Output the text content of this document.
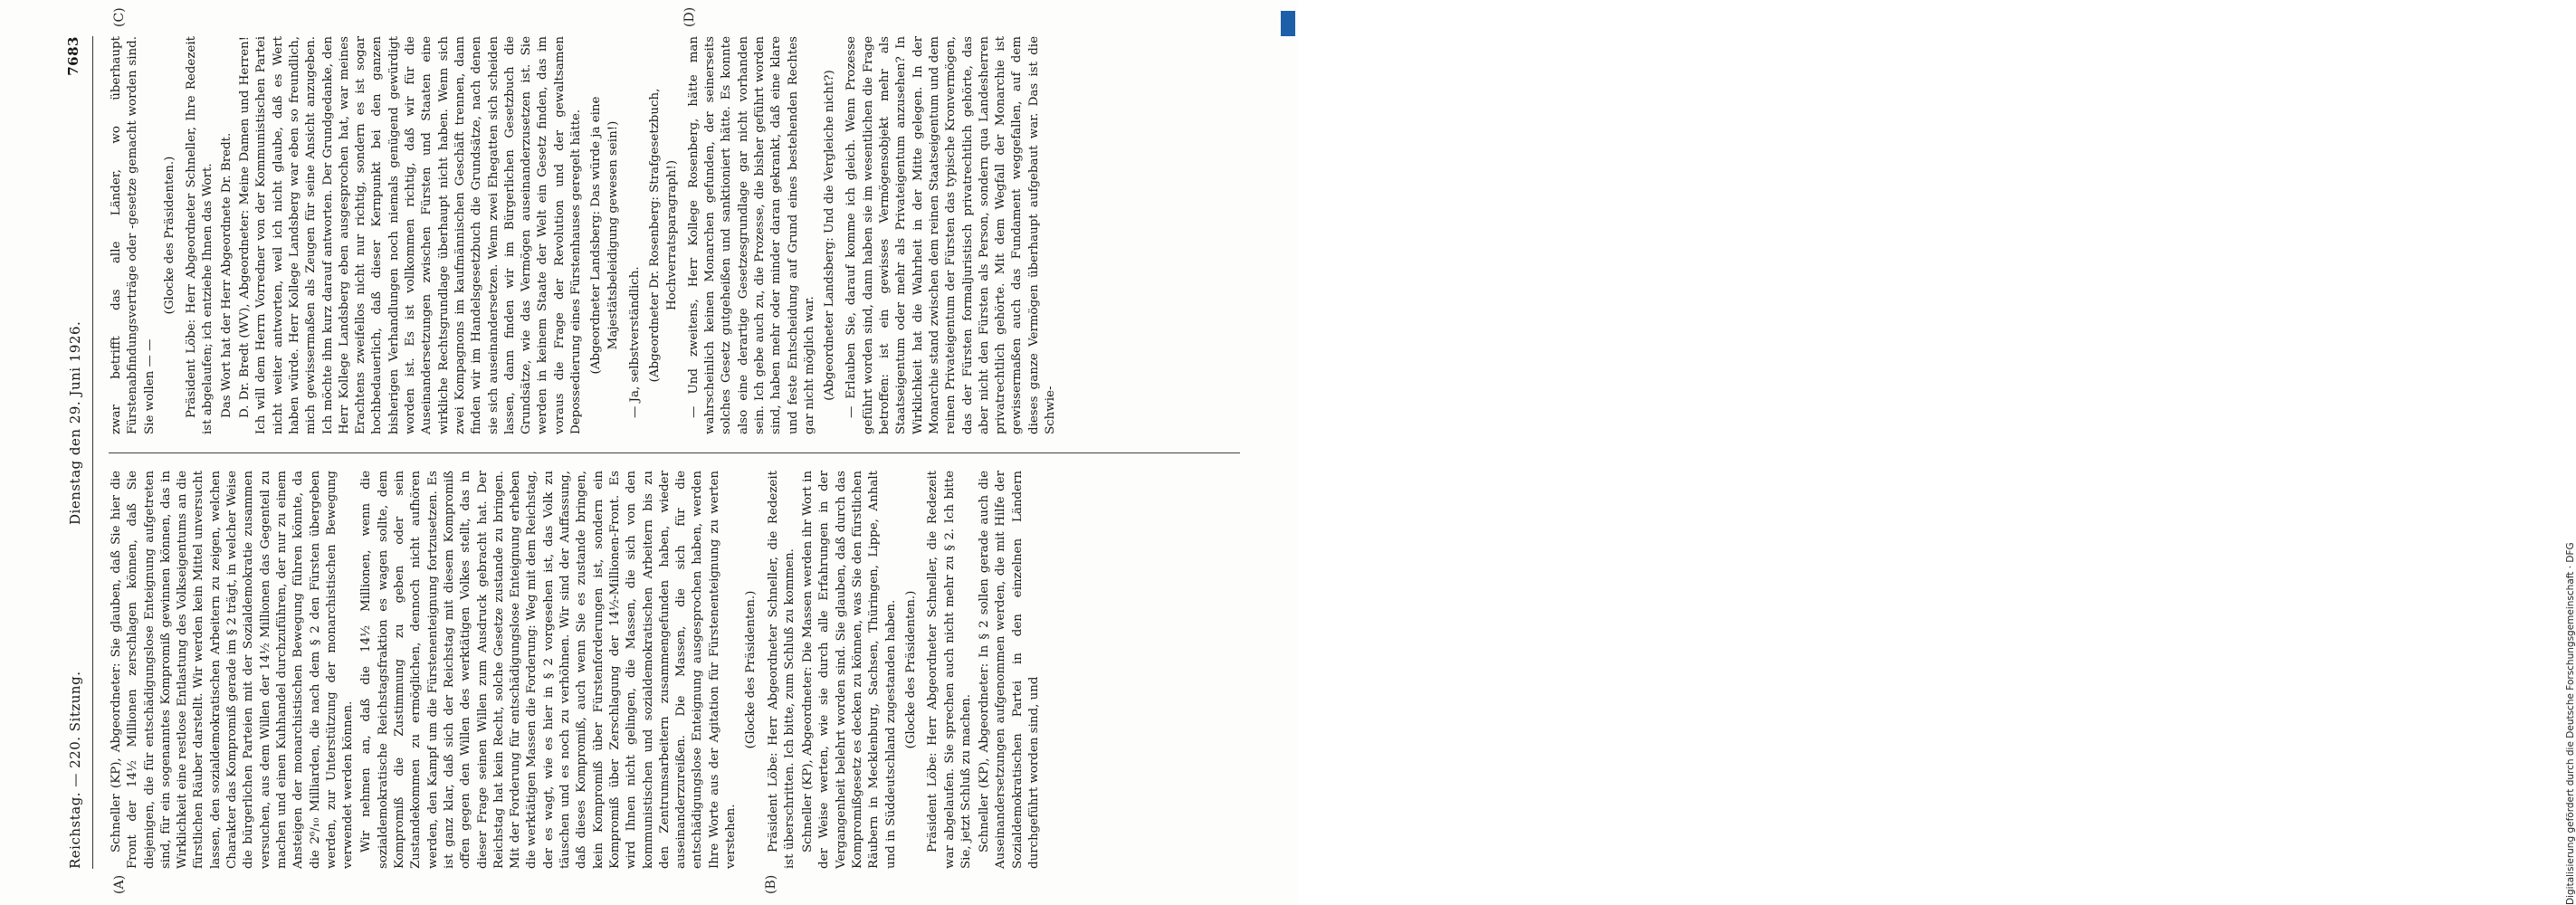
Reichstag. — 220. Sitzung.
Dienstag den 29. Juni 1926.
7683
(A)	(B)
(C)	(D)

Schneller (KP), Abgeordneter: Sie glauben, daß Sie hier die Front der 14½ Millionen zerschlagen können, daß Sie diejenigen, die für entschädigungslose Enteignung aufgetreten sind, für ein sogenanntes Kompromiß gewinnen können, das in Wirklichkeit eine restlose Entlastung des Volkseigentums an die fürstlichen Räuber darstellt. Wir werden kein Mittel unversucht lassen, den sozialdemokratischen Arbeitern zu zeigen, welchen Charakter das Kompromiß gerade im § 2 trägt, in welcher Weise die bürgerlichen Parteien mit der Sozialdemokratie zusammen versuchen, aus dem Willen der 14½ Millionen das Gegenteil zu machen und einen Kuhhandel durchzuführen, der nur zu einem Ansteigen der monarchistischen Bewegung führen könnte, da die 2⁶/₁₀ Milliarden, die nach dem § 2 den Fürsten übergeben werden, zur Unterstützung der monarchistischen Bewegung verwendet werden können. Wir nehmen an, daß die 14½ Millionen, wenn die sozialdemokratische Reichstagsfraktion es wagen sollte, dem Kompromiß die Zustimmung zu geben oder sein Zustandekommen zu ermöglichen, dennoch nicht aufhören werden, den Kampf um die Fürstenenteignung fortzusetzen. Es ist ganz klar, daß sich der Reichstag mit diesem Kompromiß offen gegen den Willen des werktätigen Volkes stellt, das in dieser Frage seinen Willen zum Ausdruck gebracht hat. Der Reichstag hat kein Recht, solche Gesetze zustande zu bringen. Mit der Forderung für entschädigungslose Enteignung erheben die werktätigen Massen die Forderung: Weg mit dem Reichstag, der es wagt, wie es hier in § 2 vorgesehen ist, das Volk zu täuschen und es noch zu verhöhnen. Wir sind der Auffassung, daß dieses Kompromiß, auch wenn Sie es zustande bringen, kein Kompromiß über Fürstenforderungen ist, sondern ein Kompromiß über Zerschlagung der 14½-Millionen-Front. Es wird Ihnen nicht gelingen, die Massen, die sich von den kommunistischen und sozialdemokratischen Arbeitern bis zu den Zentrumsarbeitern zusammengefunden haben, wieder auseinanderzureißen. Die Massen, die sich für die entschädigungslose Enteignung ausgesprochen haben, werden Ihre Worte aus der Agitation für Fürstenenteignung zu werten verstehen.

(Glocke des Präsidenten.) Präsident Löbe: Herr Abgeordneter Schneller, die Redezeit ist überschritten. Ich bitte, zum Schluß zu kommen. Schneller (KP), Abgeordneter: Die Massen werden ihr Wort in der Weise werten, wie sie durch alle Erfahrungen in der Vergangenheit belehrt worden sind. Sie glauben, daß durch das Kompromißgesetz es decken zu können, was Sie den fürstlichen Räubern in Mecklenburg, Sachsen, Thüringen, Lippe, Anhalt und in Süddeutschland zugestanden haben. (Glocke des Präsidenten.) Präsident Löbe: Herr Abgeordneter Schneller, die Redezeit war abgelaufen. Sie sprechen auch nicht mehr zu § 2. Ich bitte Sie, jetzt Schluß zu machen. Schneller (KP), Abgeordneter: In § 2 sollen gerade auch die Auseinandersetzungen aufgenommen werden, die mit Hilfe der Sozialdemokratischen Partei in den einzelnen Ländern durchgeführt worden sind, und

zwar betrifft das alle Länder, wo überhaupt Fürstenabfindungsverträge oder -gesetze gemacht worden sind. Sie wollen — —

(Glocke des Präsidenten.) Präsident Löbe: Herr Abgeordneter Schneller, Ihre Redezeit ist abgelaufen; ich entziehe Ihnen das Wort. Das Wort hat der Herr Abgeordnete Dr. Bredt. D. Dr. Bredt (WV), Abgeordneter: Meine Damen und Herren! Ich will dem Herrn Vorredner von der Kommunistischen Partei nicht weiter antworten, weil ich nicht glaube, daß es Wert haben würde. Herr Kollege Landsberg war eben so freundlich, mich gewissermaßen als Zeugen für seine Ansicht anzugeben. Ich möchte ihm kurz darauf antworten. Der Grundgedanke, den Herr Kollege Landsberg eben ausgesprochen hat, war meines Erachtens zweifellos nicht nur richtig, sondern es ist sogar hochbedauerlich, daß dieser Kernpunkt bei den ganzen bisherigen Verhandlungen noch niemals genügend gewürdigt worden ist. Es ist vollkommen richtig, daß wir für die Auseinandersetzungen zwischen Fürsten und Staaten eine wirkliche Rechtsgrundlage überhaupt nicht haben. Wenn sich zwei Kompagnons im kaufmännischen Geschäft trennen, dann finden wir im Handelsgesetzbuch die Grundsätze, nach denen sie sich auseinandersetzen. Wenn zwei Ehegatten sich scheiden lassen, dann finden wir im Bürgerlichen Gesetzbuch die Grundsätze, wie das Vermögen auseinanderzusetzen ist. Sie werden in keinem Staate der Welt ein Gesetz finden, das im voraus die Frage der Revolution und der gewaltsamen Depossedierung eines Fürstenhauses geregelt hätte. (Abgeordneter Landsberg: Das würde ja eine Majestätsbeleidigung gewesen sein!) — Ja, selbstverständlich. (Abgeordneter Dr. Rosenberg: Strafgesetzbuch, Hochverratsparagraph!) — Und zweitens, Herr Kollege Rosenberg, hätte man wahrscheinlich keinen Monarchen gefunden, der seinerseits solches Gesetz gutgeheißen und sanktioniert hätte. Es konnte also eine derartige Gesetzesgrundlage gar nicht vorhanden sein. Ich gebe auch zu, die Prozesse, die bisher geführt worden sind, haben mehr oder minder daran gekrankt, daß eine klare und feste Entscheidung auf Grund eines bestehenden Rechtes gar nicht möglich war. (Abgeordneter Landsberg: Und die Vergleiche nicht?) — Erlauben Sie, darauf komme ich gleich. Wenn Prozesse geführt worden sind, dann haben sie im wesentlichen die Frage betroffen: ist ein gewisses Vermögensobjekt mehr als Staatseigentum oder mehr als Privateigentum anzusehen? In Wirklichkeit hat die Wahrheit in der Mitte gelegen. In der Monarchie stand zwischen dem reinen Staatseigentum und dem reinen Privateigentum der Fürsten das typische Kronvermögen, das der Fürsten formaljuristisch privatrechtlich gehörte, das aber nicht den Fürsten als Person, sondern qua Landesherren privatrechtlich gehörte. Mit dem Wegfall der Monarchie ist gewissermaßen auch das Fundament weggefallen, auf dem dieses ganze Vermögen überhaupt aufgebaut war. Das ist die Schwie-

Digitalisierung gefördert durch die Deutsche Forschungsgemeinschaft · DFG
